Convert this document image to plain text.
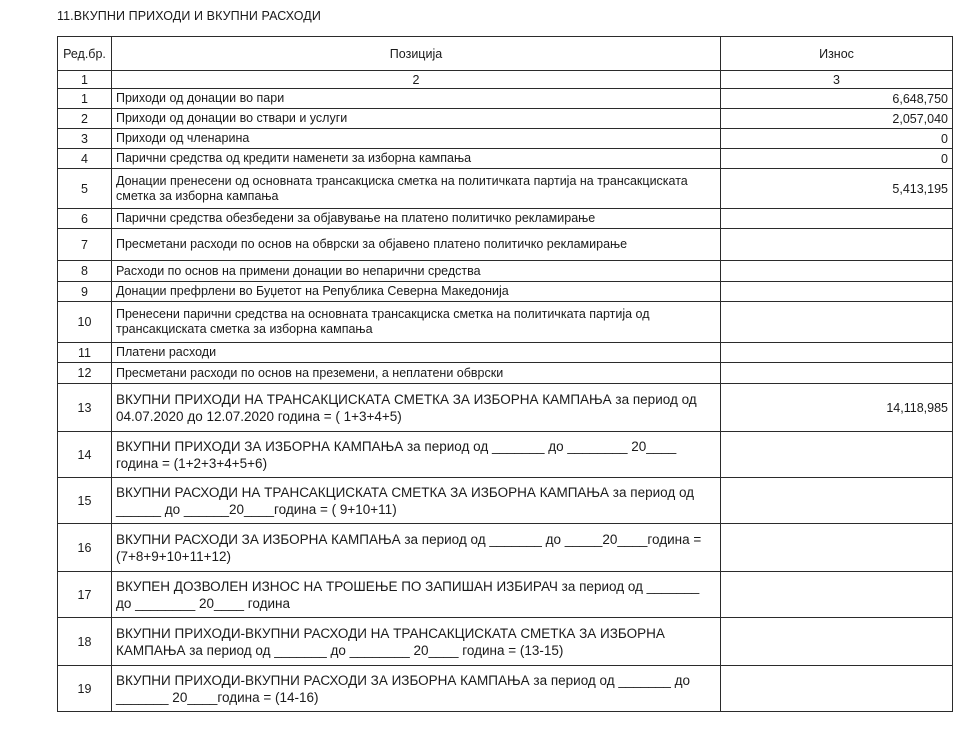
11.ВКУПНИ ПРИХОДИ И ВКУПНИ РАСХОДИ
Ред.бр.	Позиција	Износ
1	2	3
1	Приходи од донации во пари	6,648,750
2	Приходи од донации во ствари и услуги	2,057,040
3	Приходи од членарина	0
4	Парични средства од кредити наменети за изборна кампања	0
5	Донации пренесени од основната трансакциска сметка на политичката партија на трансакциската сметка за изборна кампања	5,413,195
6	Парични средства обезбедени за објавување на платено политичко рекламирање	
7	Пресметани расходи по основ на обврски за објавено платено политичко рекламирање	
8	Расходи по основ на примени донации во непарични средства	
9	Донации префрлени во Буџетот на Република Северна Македонија	
10	Пренесени парични средства на основната трансакциска сметка на политичката партија од трансакциската сметка за изборна кампања	
11	Платени расходи	
12	Пресметани расходи по основ на преземени, а неплатени обврски	
13	ВКУПНИ ПРИХОДИ НА ТРАНСАКЦИСКАТА СМЕТКА ЗА ИЗБОРНА КАМПАЊА за период од 04.07.2020 до 12.07.2020 година = ( 1+3+4+5)	14,118,985
14	ВКУПНИ ПРИХОДИ ЗА ИЗБОРНА КАМПАЊА за период од _______ до ________ 20____ година = (1+2+3+4+5+6)	
15	ВКУПНИ РАСХОДИ НА ТРАНСАКЦИСКАТА СМЕТКА ЗА ИЗБОРНА КАМПАЊА за период од ______ до ______20____година = ( 9+10+11)	
16	ВКУПНИ РАСХОДИ ЗА ИЗБОРНА КАМПАЊА за период од _______ до _____20____година = (7+8+9+10+11+12)	
17	ВКУПЕН ДОЗВОЛЕН ИЗНОС НА ТРОШЕЊЕ ПО ЗАПИШАН ИЗБИРАЧ за период од _______ до ________ 20____ година	
18	ВКУПНИ ПРИХОДИ-ВКУПНИ РАСХОДИ НА ТРАНСАКЦИСКАТА СМЕТКА ЗА ИЗБОРНА КАМПАЊА за период од _______ до ________ 20____ година = (13-15)	
19	ВКУПНИ ПРИХОДИ-ВКУПНИ РАСХОДИ ЗА ИЗБОРНА КАМПАЊА за период од _______ до _______ 20____година = (14-16)	
